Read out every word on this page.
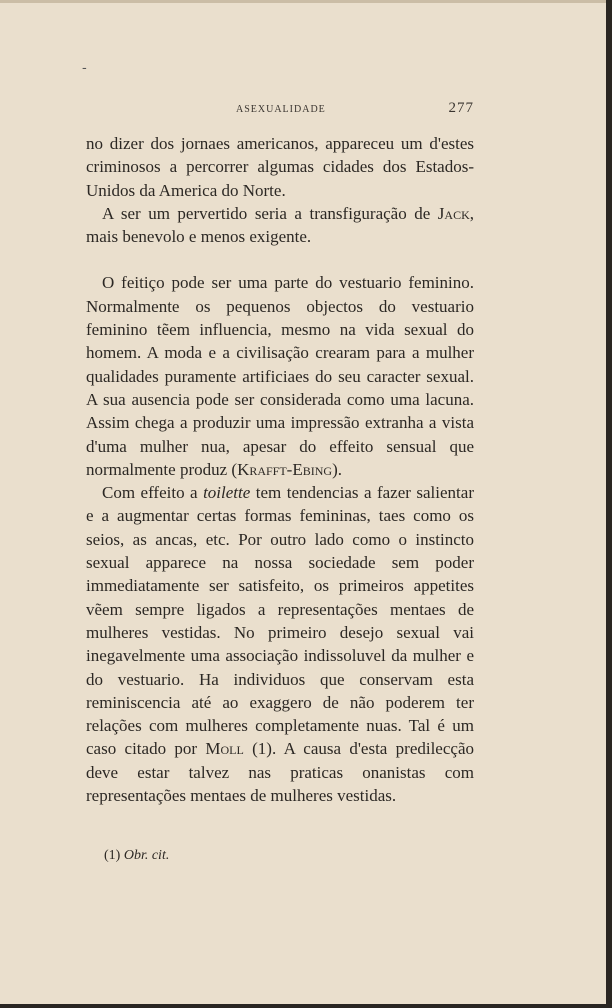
-
ASEXUALIDADE	277

no dizer dos jornaes americanos, appareceu um d'estes criminosos a percorrer algumas cidades dos Estados-Unidos da America do Norte.

A ser um pervertido seria a transfiguração de Jack, mais benevolo e menos exigente.

O feitiço pode ser uma parte do vestuario feminino. Normalmente os pequenos objectos do vestuario feminino tẽem influencia, mesmo na vida sexual do homem. A moda e a civilisação crearam para a mulher qualidades puramente artificiaes do seu caracter sexual. A sua ausencia pode ser considerada como uma lacuna. Assim chega a produzir uma impressão extranha a vista d'uma mulher nua, apesar do effeito sensual que normalmente produz (Krafft-Ebing).

Com effeito a toilette tem tendencias a fazer salientar e a augmentar certas formas femininas, taes como os seios, as ancas, etc. Por outro lado como o instincto sexual apparece na nossa sociedade sem poder immediatamente ser satisfeito, os primeiros appetites vẽem sempre ligados a representações mentaes de mulheres vestidas. No primeiro desejo sexual vai inegavelmente uma associação indissoluvel da mulher e do vestuario. Ha individuos que conservam esta reminiscencia até ao exaggero de não poderem ter relações com mulheres completamente nuas. Tal é um caso citado por Moll (1). A causa d'esta predilecção deve estar talvez nas praticas onanistas com representações mentaes de mulheres vestidas.

(1) Obr. cit.
